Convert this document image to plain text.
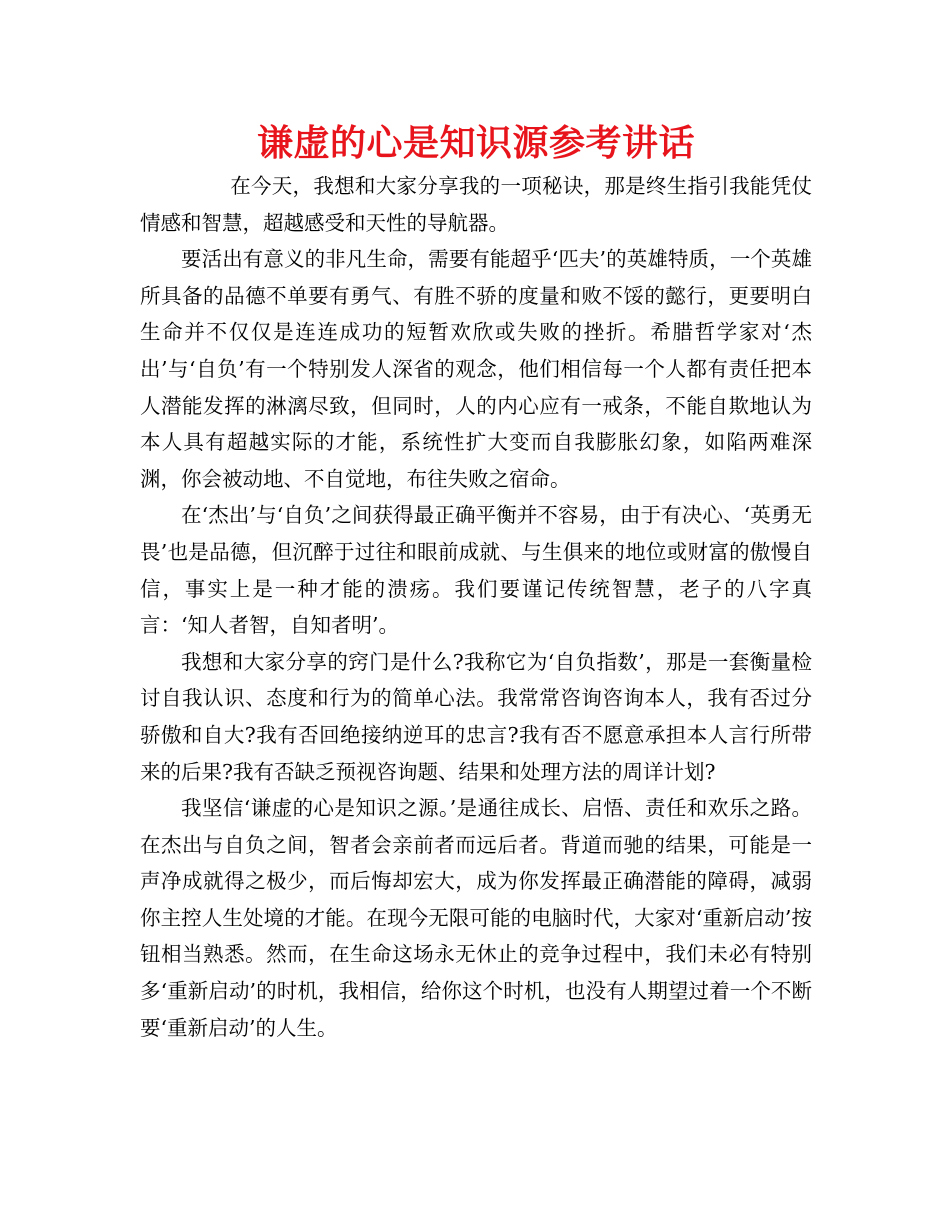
谦虚的心是知识源参考讲话

在今天，我想和大家分享我的一项秘诀，那是终生指引我能凭仗情感和智慧，超越感受和天性的导航器。

要活出有意义的非凡生命，需要有能超乎‘匹夫’的英雄特质，一个英雄所具备的品德不单要有勇气、有胜不骄的度量和败不馁的懿行，更要明白生命并不仅仅是连连成功的短暂欢欣或失败的挫折。希腊哲学家对‘杰出’与‘自负’有一个特别发人深省的观念，他们相信每一个人都有责任把本人潜能发挥的淋漓尽致，但同时，人的内心应有一戒条，不能自欺地认为本人具有超越实际的才能，系统性扩大变而自我膨胀幻象，如陷两难深渊，你会被动地、不自觉地，布往失败之宿命。

在‘杰出’与‘自负’之间获得最正确平衡并不容易，由于有决心、‘英勇无畏’也是品德，但沉醉于过往和眼前成就、与生俱来的地位或财富的傲慢自信，事实上是一种才能的溃疡。我们要谨记传统智慧，老子的八字真言：‘知人者智，自知者明’。

我想和大家分享的窍门是什么?我称它为‘自负指数’，那是一套衡量检讨自我认识、态度和行为的简单心法。我常常咨询咨询本人，我有否过分骄傲和自大?我有否回绝接纳逆耳的忠言?我有否不愿意承担本人言行所带来的后果?我有否缺乏预视咨询题、结果和处理方法的周详计划?

我坚信‘谦虚的心是知识之源。’是通往成长、启悟、责任和欢乐之路。在杰出与自负之间，智者会亲前者而远后者。背道而驰的结果，可能是一声净成就得之极少，而后悔却宏大，成为你发挥最正确潜能的障碍，减弱你主控人生处境的才能。在现今无限可能的电脑时代，大家对‘重新启动’按钮相当熟悉。然而，在生命这场永无休止的竞争过程中，我们未必有特别多‘重新启动’的时机，我相信，给你这个时机，也没有人期望过着一个不断要‘重新启动’的人生。
